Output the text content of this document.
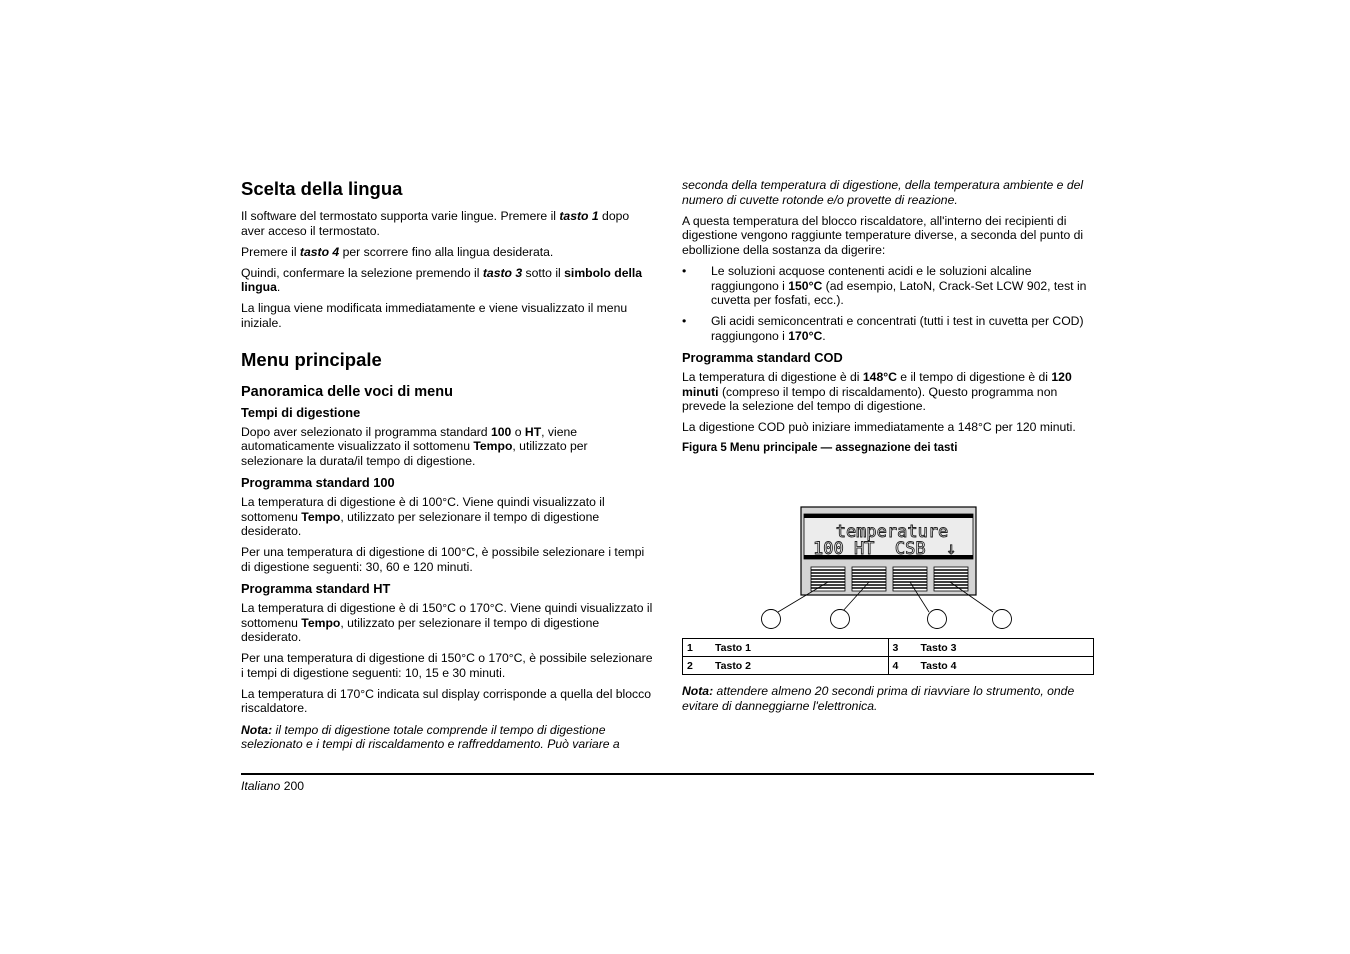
Scelta della lingua

Il software del termostato supporta varie lingue. Premere il tasto 1 dopo aver acceso il termostato.

Premere il tasto 4 per scorrere fino alla lingua desiderata.

Quindi, confermare la selezione premendo il tasto 3 sotto il simbolo della lingua.

La lingua viene modificata immediatamente e viene visualizzato il menu iniziale.

Menu principale
Panoramica delle voci di menu
Tempi di digestione

Dopo aver selezionato il programma standard 100 o HT, viene automaticamente visualizzato il sottomenu Tempo, utilizzato per selezionare la durata/il tempo di digestione.

Programma standard 100

La temperatura di digestione è di 100°C. Viene quindi visualizzato il sottomenu Tempo, utilizzato per selezionare il tempo di digestione desiderato.

Per una temperatura di digestione di 100°C, è possibile selezionare i tempi di digestione seguenti: 30, 60 e 120 minuti.

Programma standard HT

La temperatura di digestione è di 150°C o 170°C. Viene quindi visualizzato il sottomenu Tempo, utilizzato per selezionare il tempo di digestione desiderato.

Per una temperatura di digestione di 150°C o 170°C, è possibile selezionare i tempi di digestione seguenti: 10, 15 e 30 minuti.

La temperatura di 170°C indicata sul display corrisponde a quella del blocco riscaldatore.

Nota: il tempo di digestione totale comprende il tempo di digestione selezionato e i tempi di riscaldamento e raffreddamento. Può variare a

seconda della temperatura di digestione, della temperatura ambiente e del numero di cuvette rotonde e/o provette di reazione.

A questa temperatura del blocco riscaldatore, all'interno dei recipienti di digestione vengono raggiunte temperature diverse, a seconda del punto di ebollizione della sostanza da digerire:

•	Le soluzioni acquose contenenti acidi e le soluzioni alcaline raggiungono i 150°C (ad esempio, LatoN, Crack-Set LCW 902, test in cuvetta per fosfati, ecc.).
•	Gli acidi semiconcentrati e concentrati (tutti i test in cuvetta per COD) raggiungono i 170°C.
Programma standard COD

La temperatura di digestione è di 148°C e il tempo di digestione è di 120 minuti (compreso il tempo di riscaldamento). Questo programma non prevede la selezione del tempo di digestione.

La digestione COD può iniziare immediatamente a 148°C per 120 minuti.

Figura 5 Menu principale — assegnazione dei tasti

temperature
100 HT  CSB  ↓
1	Tasto 1	3	Tasto 3
2	Tasto 2	4	Tasto 4

Nota: attendere almeno 20 secondi prima di riavviare lo strumento, onde evitare di danneggiarne l'elettronica.

Italiano 200
